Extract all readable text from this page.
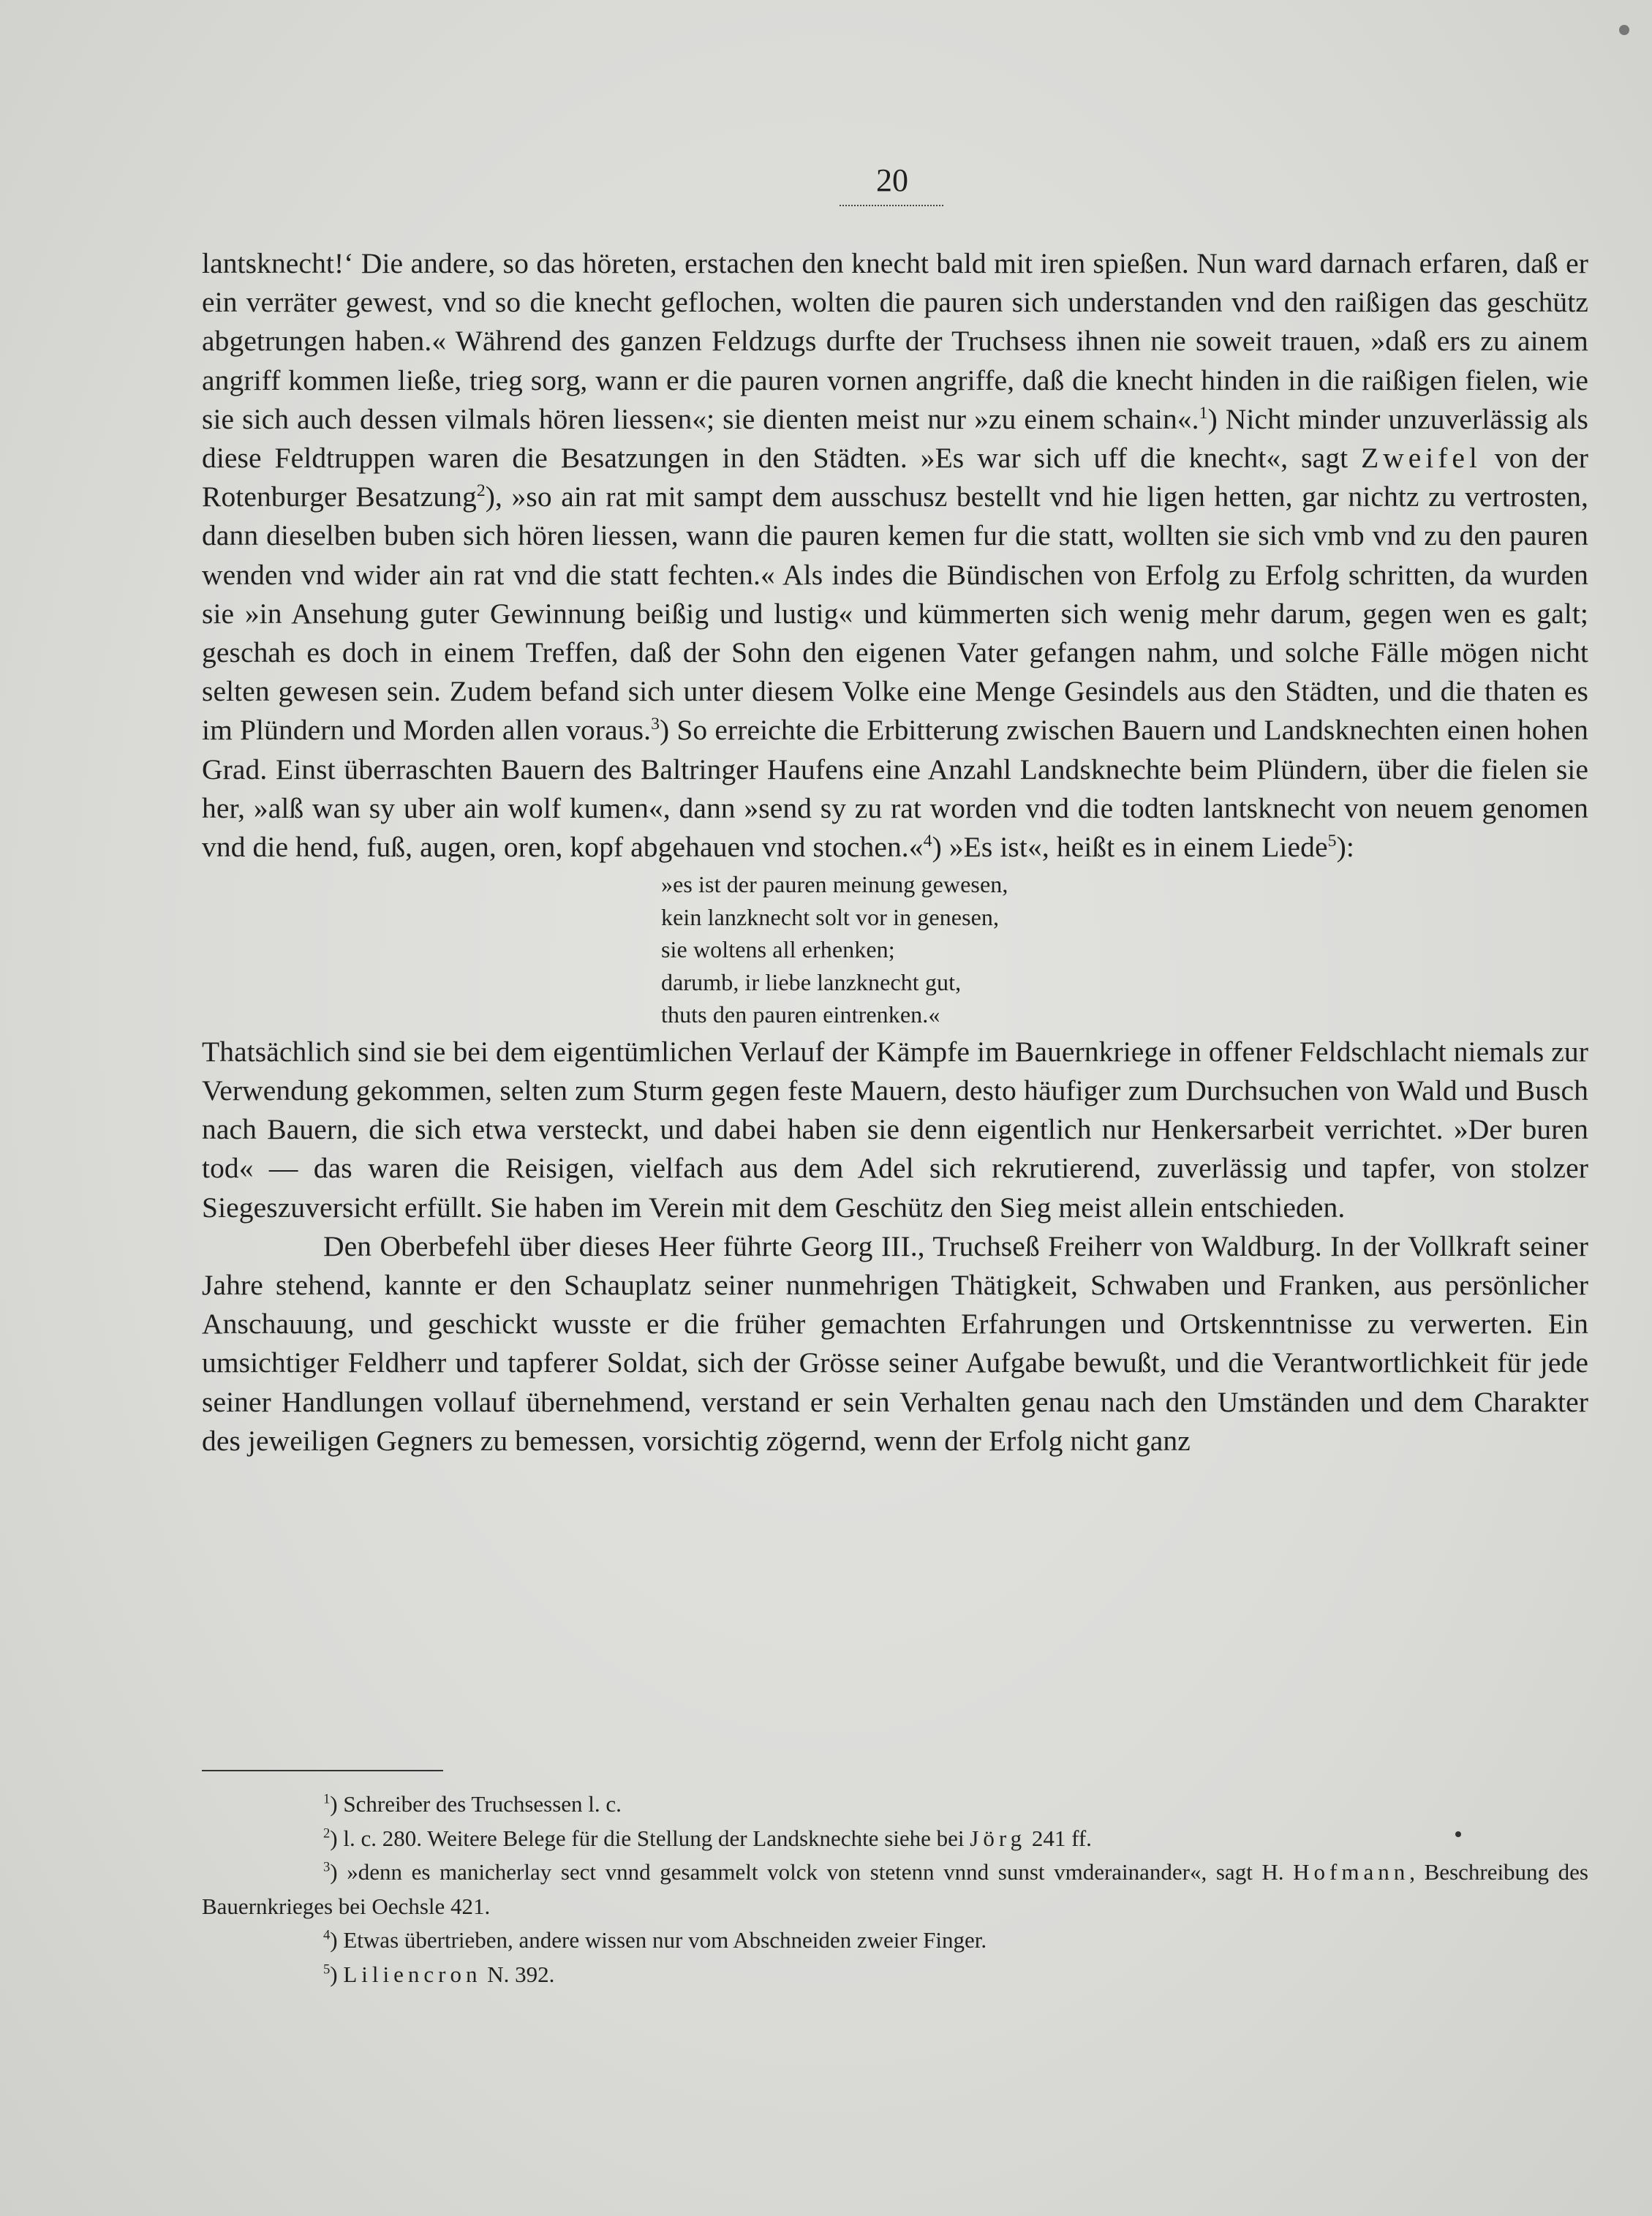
20

lantsknecht!‘ Die andere, so das höreten, erstachen den knecht bald mit iren spießen. Nun ward darnach erfaren, daß er ein verräter gewest, vnd so die knecht geflochen, wolten die pauren sich understanden vnd den raißigen das geschütz abgetrungen haben.« Während des ganzen Feldzugs durfte der Truchsess ihnen nie soweit trauen, »daß ers zu ainem angriff kommen ließe, trieg sorg, wann er die pauren vornen angriffe, daß die knecht hinden in die raißigen fielen, wie sie sich auch dessen vilmals hören liessen«; sie dienten meist nur »zu einem schain«.$^1$) Nicht minder unzuverlässig als diese Feldtruppen waren die Besatzungen in den Städten. »Es war sich uff die knecht«, sagt Zweifel von der Rotenburger Besatzung$^2$), »so ain rat mit sampt dem ausschusz bestellt vnd hie ligen hetten, gar nichtz zu vertrosten, dann dieselben buben sich hören liessen, wann die pauren kemen fur die statt, wollten sie sich vmb vnd zu den pauren wenden vnd wider ain rat vnd die statt fechten.« Als indes die Bündischen von Erfolg zu Erfolg schritten, da wurden sie »in Ansehung guter Gewinnung beißig und lustig« und kümmerten sich wenig mehr darum, gegen wen es galt; geschah es doch in einem Treffen, daß der Sohn den eigenen Vater gefangen nahm, und solche Fälle mögen nicht selten gewesen sein. Zudem befand sich unter diesem Volke eine Menge Gesindels aus den Städten, und die thaten es im Plündern und Morden allen voraus.$^3$) So erreichte die Erbitterung zwischen Bauern und Landsknechten einen hohen Grad. Einst überraschten Bauern des Baltringer Haufens eine Anzahl Landsknechte beim Plündern, über die fielen sie her, »alß wan sy uber ain wolf kumen«, dann »send sy zu rat worden vnd die todten lantsknecht von neuem genomen vnd die hend, fuß, augen, oren, kopf abgehauen vnd stochen.«$^4$) »Es ist«, heißt es in einem Liede$^5$):

»es ist der pauren meinung gewesen,
kein lanzknecht solt vor in genesen,
sie woltens all erhenken;
darumb, ir liebe lanzknecht gut,
thuts den pauren eintrenken.«

Thatsächlich sind sie bei dem eigentümlichen Verlauf der Kämpfe im Bauernkriege in offener Feldschlacht niemals zur Verwendung gekommen, selten zum Sturm gegen feste Mauern, desto häufiger zum Durchsuchen von Wald und Busch nach Bauern, die sich etwa versteckt, und dabei haben sie denn eigentlich nur Henkersarbeit verrichtet. »Der buren tod« — das waren die Reisigen, vielfach aus dem Adel sich rekrutierend, zuverlässig und tapfer, von stolzer Siegeszuversicht erfüllt. Sie haben im Verein mit dem Geschütz den Sieg meist allein entschieden.

Den Oberbefehl über dieses Heer führte Georg III., Truchseß Freiherr von Waldburg. In der Vollkraft seiner Jahre stehend, kannte er den Schauplatz seiner nunmehrigen Thätigkeit, Schwaben und Franken, aus persönlicher Anschauung, und geschickt wusste er die früher gemachten Erfahrungen und Ortskenntnisse zu verwerten. Ein umsichtiger Feldherr und tapferer Soldat, sich der Grösse seiner Aufgabe bewußt, und die Verantwortlichkeit für jede seiner Handlungen vollauf übernehmend, verstand er sein Verhalten genau nach den Umständen und dem Charakter des jeweiligen Gegners zu bemessen, vorsichtig zögernd, wenn der Erfolg nicht ganz

$^1$) Schreiber des Truchsessen l. c.
$^2$) l. c. 280. Weitere Belege für die Stellung der Landsknechte siehe bei Jörg 241 ff.
$^3$) »denn es manicherlay sect vnnd gesammelt volck von stetenn vnnd sunst vmderainander«, sagt H. Hofmann, Beschreibung des Bauernkrieges bei Oechsle 421.
$^4$) Etwas übertrieben, andere wissen nur vom Abschneiden zweier Finger.
$^5$) Liliencron N. 392.
